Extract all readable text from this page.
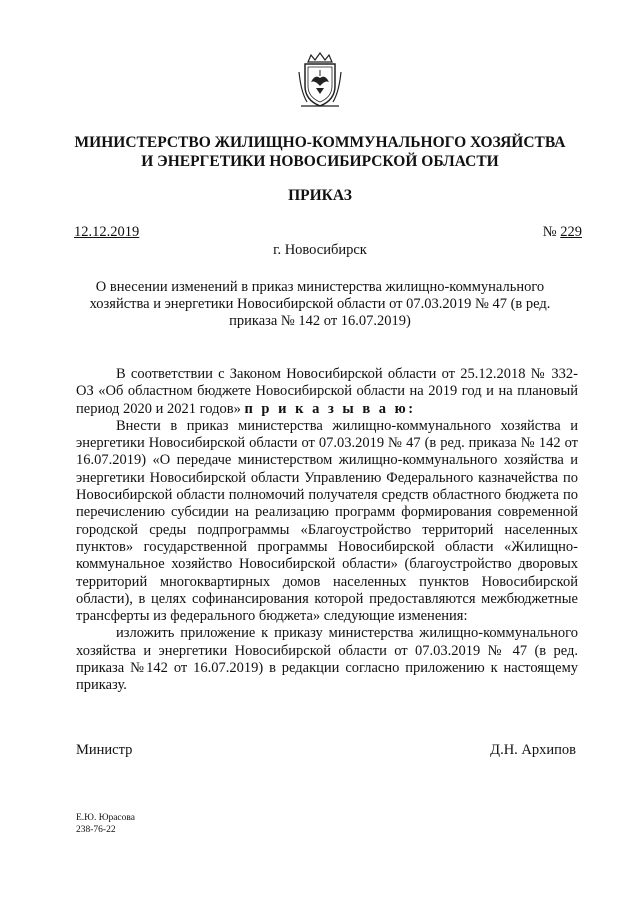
МИНИСТЕРСТВО ЖИЛИЩНО-КОММУНАЛЬНОГО ХОЗЯЙСТВА
И ЭНЕРГЕТИКИ НОВОСИБИРСКОЙ ОБЛАСТИ
ПРИКАЗ
12.12.2019	№ 229
г. Новосибирск
О внесении изменений в приказ министерства жилищно-коммунального
хозяйства и энергетики Новосибирской области от 07.03.2019 № 47 (в ред.
приказа № 142 от 16.07.2019)

В соответствии с Законом Новосибирской области от 25.12.2018 № 332-ОЗ «Об областном бюджете Новосибирской области на 2019 год и на плановый период 2020 и 2021 годов» п р и к а з ы в а ю:

Внести в приказ министерства жилищно-коммунального хозяйства и энергетики Новосибирской области от 07.03.2019 № 47 (в ред. приказа № 142 от 16.07.2019) «О передаче министерством жилищно-коммунального хозяйства и энергетики Новосибирской области Управлению Федерального казначейства по Новосибирской области полномочий получателя средств областного бюджета по перечислению субсидии на реализацию программ формирования современной городской среды подпрограммы «Благоустройство территорий населенных пунктов» государственной программы Новосибирской области «Жилищно-коммунальное хозяйство Новосибирской области» (благоустройство дворовых территорий многоквартирных домов населенных пунктов Новосибирской области), в целях софинансирования которой предоставляются межбюджетные трансферты из федерального бюджета» следующие изменения:

изложить приложение к приказу министерства жилищно-коммунального хозяйства и энергетики Новосибирской области от 07.03.2019 № 47 (в ред. приказа №142 от 16.07.2019) в редакции согласно приложению к настоящему приказу.

Министр	Д.Н. Архипов
Е.Ю. Юрасова
238-76-22
